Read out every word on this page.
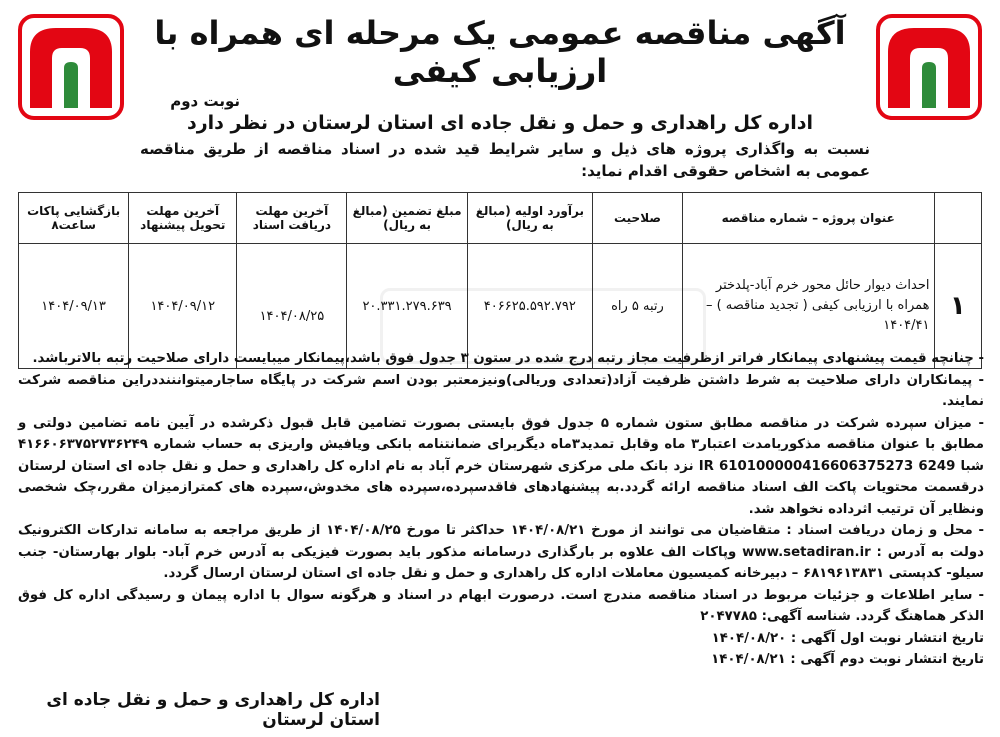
آگهی مناقصه عمومی یک مرحله ای همراه با ارزیابی کیفی
نوبت دوم
اداره کل راهداری و حمل و نقل جاده ای استان لرستان در نظر دارد
نسبت به واگذاری پروژه های ذیل و سایر شرایط قید شده در اسناد مناقصه از طریق مناقصه عمومی به اشخاص حقوقی اقدام نماید:
	عنوان پروژه – شماره مناقصه	صلاحیت	برآورد اولیه (مبالغ به ریال)	مبلغ تضمین (مبالغ به ریال)	آخرین مهلت دریافت اسناد	آخرین مهلت تحویل پیشنهاد	بازگشایی پاکات ساعت۸
۱	احداث دیوار حائل محور خرم آباد-پلدختر همراه با ارزیابی کیفی ( تجدید مناقصه ) – ۱۴۰۴/۴۱	رتبه ۵ راه	۴۰۶۶۲۵.۵۹۲.۷۹۲	۲۰.۳۳۱.۲۷۹.۶۳۹	۱۴۰۴/۰۸/۲۵	۱۴۰۴/۰۹/۱۲	۱۴۰۴/۰۹/۱۳

- چنانچه قیمت پیشنهادی پیمانکار فراتر ازظرفیت مجاز رتبه درج شده در ستون ۳ جدول فوق باشد،پیمانکار میبایست دارای صلاحیت رتبه بالاترباشد.

- پیمانکاران دارای صلاحیت به شرط داشتن ظرفیت آزاد(تعدادی وریالی)ونیزمعتبر بودن اسم شرکت در پایگاه ساجارمیتوانننددراین مناقصه شرکت نمایند.

- میزان سپرده شرکت در مناقصه مطابق ستون شماره ۵ جدول فوق بایستی بصورت تضامین قابل قبول ذکرشده در آیین نامه تضامین دولتی و مطابق با عنوان مناقصه مذکوربامدت اعتبار۳ ماه وقابل تمدید۳ماه دیگربرای ضمانتنامه بانکی ویافیش واریزی به حساب شماره ۴۱۶۶۰۶۳۷۵۲۷۳۶۲۴۹ شبا IR 610100000416606375273 6249 نزد بانک ملی مرکزی شهرستان خرم آباد به نام اداره کل راهداری و حمل و نقل جاده ای استان لرستان درقسمت محتویات پاکت الف اسناد مناقصه ارائه گردد.به پیشنهادهای فاقدسپرده،سپرده های مخدوش،سپرده های کمترازمیزان مقرر،چک شخصی ونظایر آن ترتیب اثرداده نخواهد شد.

- محل و زمان دریافت اسناد : متقاضیان می توانند از مورخ ۱۴۰۴/۰۸/۲۱ حداکثر تا مورخ ۱۴۰۴/۰۸/۲۵ از طریق مراجعه به سامانه تدارکات الکترونیک دولت به آدرس : www.setadiran.ir وپاکات الف علاوه بر بارگذاری درسامانه مذکور باید بصورت فیزیکی به آدرس خرم آباد- بلوار بهارستان- جنب سیلو- کدپستی ۶۸۱۹۶۱۳۸۳۱ – دبیرخانه کمیسیون معاملات اداره کل راهداری و حمل و نقل جاده ای استان لرستان ارسال گردد.

- سایر اطلاعات و جزئیات مربوط در اسناد مناقصه مندرج است. درصورت ابهام در اسناد و هرگونه سوال با اداره پیمان و رسیدگی اداره کل فوق الذکر هماهنگ گردد. شناسه آگهی: ۲۰۴۷۷۸۵

تاریخ انتشار نوبت اول آگهی : ۱۴۰۴/۰۸/۲۰

تاریخ انتشار نوبت دوم آگهی : ۱۴۰۴/۰۸/۲۱

اداره کل راهداری و حمل و نقل جاده ای استان لرستان
